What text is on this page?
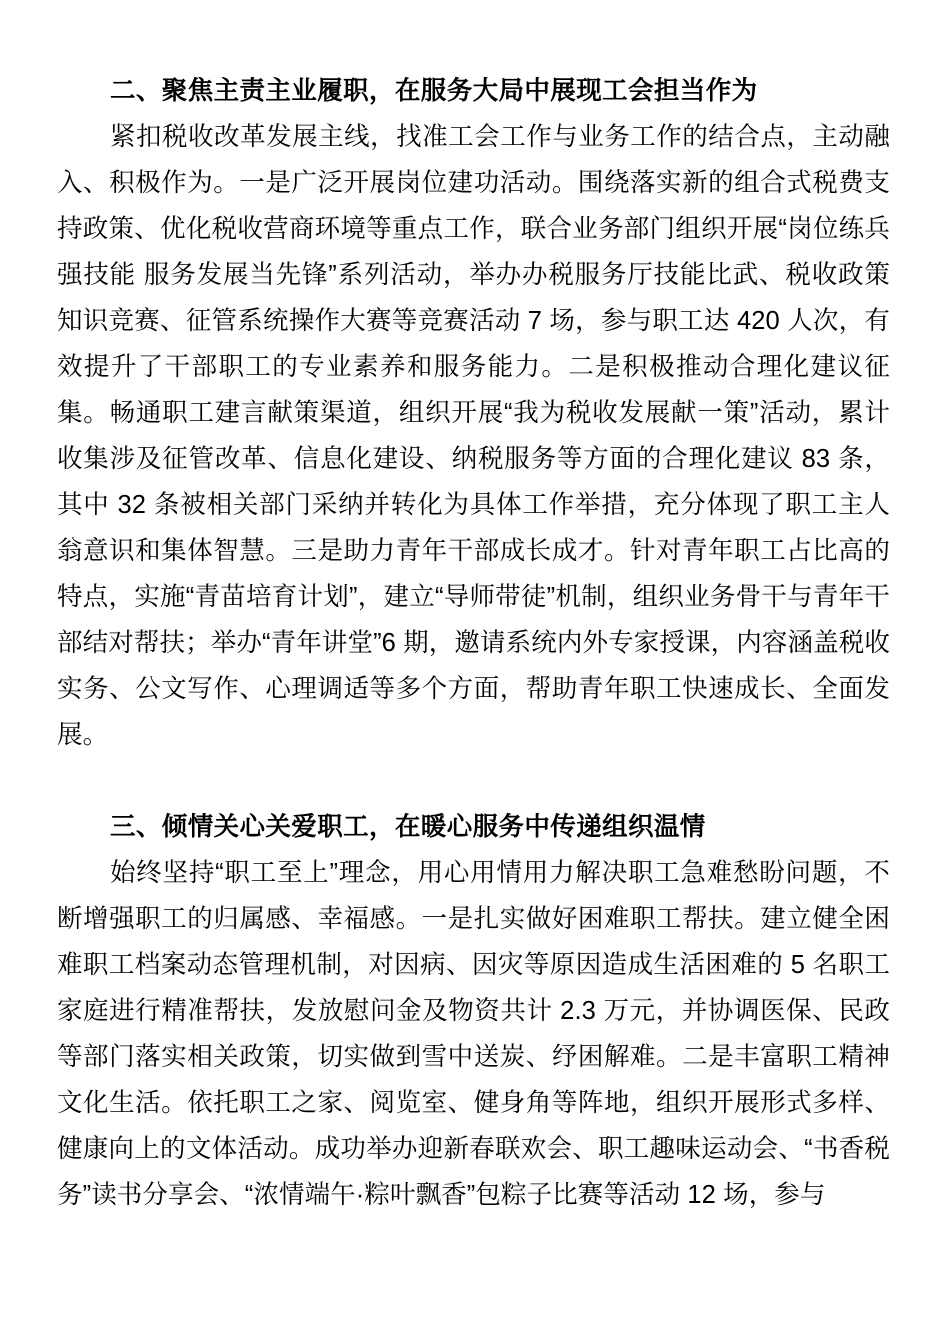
二、聚焦主责主业履职，在服务大局中展现工会担当作为

紧扣税收改革发展主线，找准工会工作与业务工作的结合点，主动融入、积极作为。一是广泛开展岗位建功活动。围绕落实新的组合式税费支持政策、优化税收营商环境等重点工作，联合业务部门组织开展“岗位练兵强技能 服务发展当先锋”系列活动，举办办税服务厅技能比武、税收政策知识竞赛、征管系统操作大赛等竞赛活动 7 场，参与职工达 420 人次，有效提升了干部职工的专业素养和服务能力。二是积极推动合理化建议征集。畅通职工建言献策渠道，组织开展“我为税收发展献一策”活动，累计收集涉及征管改革、信息化建设、纳税服务等方面的合理化建议 83 条，其中 32 条被相关部门采纳并转化为具体工作举措，充分体现了职工主人翁意识和集体智慧。三是助力青年干部成长成才。针对青年职工占比高的特点，实施“青苗培育计划”，建立“导师带徒”机制，组织业务骨干与青年干部结对帮扶；举办“青年讲堂”6 期，邀请系统内外专家授课，内容涵盖税收实务、公文写作、心理调适等多个方面，帮助青年职工快速成长、全面发展。

三、倾情关心关爱职工，在暖心服务中传递组织温情

始终坚持“职工至上”理念，用心用情用力解决职工急难愁盼问题，不断增强职工的归属感、幸福感。一是扎实做好困难职工帮扶。建立健全困难职工档案动态管理机制，对因病、因灾等原因造成生活困难的 5 名职工家庭进行精准帮扶，发放慰问金及物资共计 2.3 万元，并协调医保、民政等部门落实相关政策，切实做到雪中送炭、纾困解难。二是丰富职工精神文化生活。依托职工之家、阅览室、健身角等阵地，组织开展形式多样、健康向上的文体活动。成功举办迎新春联欢会、职工趣味运动会、“书香税务”读书分享会、“浓情端午·粽叶飘香”包粽子比赛等活动 12 场，参与
